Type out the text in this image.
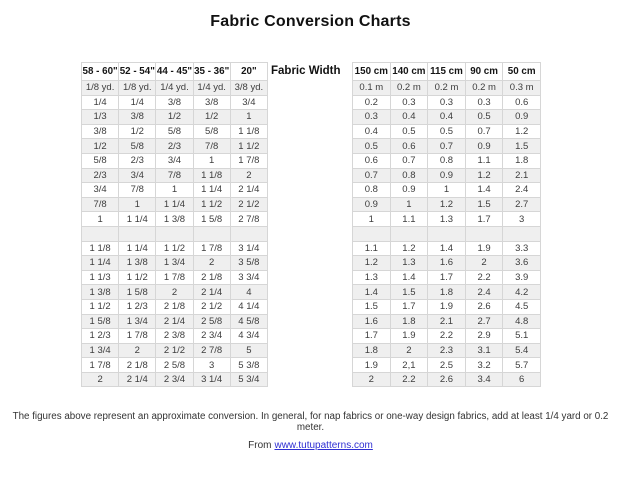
Fabric Conversion Charts
58 - 60"	52 - 54"	44 - 45"	35 - 36"	20"
1/8 yd.	1/8 yd.	1/4 yd.	1/4 yd.	3/8 yd.
1/4	1/4	3/8	3/8	3/4
1/3	3/8	1/2	1/2	1
3/8	1/2	5/8	5/8	1 1/8
1/2	5/8	2/3	7/8	1 1/2
5/8	2/3	3/4	1	1 7/8
2/3	3/4	7/8	1 1/8	2
3/4	7/8	1	1 1/4	2 1/4
7/8	1	1 1/4	1 1/2	2 1/2
1	1 1/4	1 3/8	1 5/8	2 7/8

1 1/8	1 1/4	1 1/2	1 7/8	3 1/4
1 1/4	1 3/8	1 3/4	2	3 5/8
1 1/3	1 1/2	1 7/8	2 1/8	3 3/4
1 3/8	1 5/8	2	2 1/4	4
1 1/2	1 2/3	2 1/8	2 1/2	4 1/4
1 5/8	1 3/4	2 1/4	2 5/8	4 5/8
1 2/3	1 7/8	2 3/8	2 3/4	4 3/4
1 3/4	2	2 1/2	2 7/8	5
1 7/8	2 1/8	2 5/8	3	5 3/8
2	2 1/4	2 3/4	3 1/4	5 3/4
Fabric Width	150 cm	140 cm	115 cm	90 cm	50 cm
0.1 m	0.2 m	0.2 m	0.2 m	0.3 m
0.2	0.3	0.3	0.3	0.6
0.3	0.4	0.4	0.5	0.9
0.4	0.5	0.5	0.7	1.2
0.5	0.6	0.7	0.9	1.5
0.6	0.7	0.8	1.1	1.8
0.7	0.8	0.9	1.2	2.1
0.8	0.9	1	1.4	2.4
0.9	1	1.2	1.5	2.7
1	1.1	1.3	1.7	3

1.1	1.2	1.4	1.9	3.3
1.2	1.3	1.6	2	3.6
1.3	1.4	1.7	2.2	3.9
1.4	1.5	1.8	2.4	4.2
1.5	1.7	1.9	2.6	4.5
1.6	1.8	2.1	2.7	4.8
1.7	1.9	2.2	2.9	5.1
1.8	2	2.3	3.1	5.4
1.9	2,1	2.5	3.2	5.7
2	2.2	2.6	3.4	6
The figures above represent an approximate conversion. In general, for nap fabrics or one-way design fabrics, add at least 1/4 yard or 0.2 meter.
From www.tutupatterns.com
